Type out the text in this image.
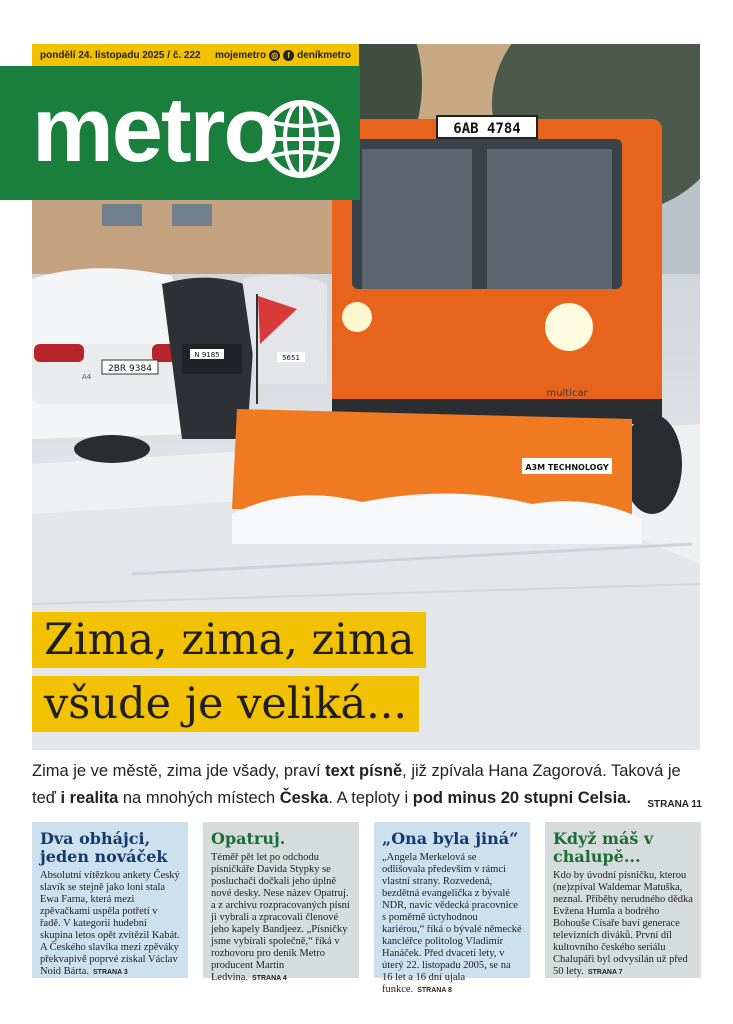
2BR 9384
A4
N 9185	5651
6AB 4784
multicar
A3M TECHNOLOGY
pondělí 24. listopadu 2025 / č. 222 mojemetro ◎	f deníkmetro
metro
Zima, zima, zima
všude je veliká...
Zima je ve městě, zima jde všady, praví text písně, již zpívala Hana Zagorová. Taková je teď i realita na mnohých místech Česka. A teploty i pod minus 20 stupni Celsia. STRANA 11
Dva obhájci, jeden nováček

Absolutní vítězkou ankety Český slavík se stejně jako loni stala Ewa Farna, která mezi zpěvačkami uspěla potřetí v řadě. V kategorii hudební skupina letos opět zvítězil Kabát. A Českého slavíka mezi zpěváky překvapivě poprvé získal Václav Noid Bárta. STRANA 3

Opatruj.

Téměř pět let po odchodu písničkáře Davida Stypky se posluchači dočkali jeho úplně nové desky. Nese název Opatruj. a z archivu rozpracovaných písní ji vybrali a zpracovali členové jeho kapely Bandjeez. „Písničky jsme vybírali společně,“ říká v rozhovoru pro deník Metro producent Martin Ledvina. STRANA 4

„Ona byla jiná“

„Angela Merkelová se odlišovala především v rámci vlastní strany. Rozvedená, bezdětná evangelička z bývalé NDR, navíc vědecká pracovnice s poměrně úctyhodnou kariérou,“ říká o bývalé německé kancléřce politolog Vladimír Hanáček. Před dvaceti lety, v úterý 22. listopadu 2005, se na 16 let a 16 dní ujala funkce. STRANA 8

Když máš v chalupě...

Kdo by úvodní písničku, kterou (ne)zpíval Waldemar Matuška, neznal. Příběhy nerudného dědka Evžena Humla a bodrého Bohouše Císaře baví generace televizních diváků. První díl kultovního českého seriálu Chalupáři byl odvysílán už před 50 lety. STRANA 7
